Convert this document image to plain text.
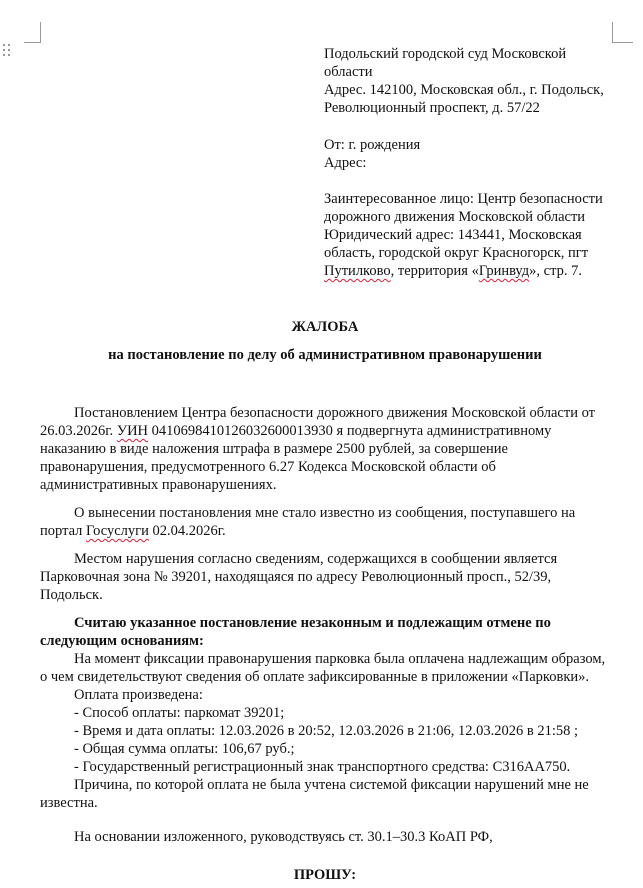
Подольский городской суд Московской
области
Адрес. 142100, Московская обл., г. Подольск,
Революционный проспект, д. 57/22
От: г. рождения
Адрес:
Заинтересованное лицо: Центр безопасности
дорожного движения Московской области
Юридический адрес: 143441, Московская
область, городской округ Красногорск, пгт
Путилково, территория «Гринвуд», стр. 7.
ЖАЛОБА
на постановление по делу об административном правонарушении
Постановлением Центра безопасности дорожного движения Московской области от
26.03.2026г. УИН 0410698410126032600013930 я подвергнута административному
наказанию в виде наложения штрафа в размере 2500 рублей, за совершение
правонарушения, предусмотренного 6.27 Кодекса Московской области об
административных правонарушениях.
О вынесении постановления мне стало известно из сообщения, поступавшего на
портал Госуслуги 02.04.2026г.
Местом нарушения согласно сведениям, содержащихся в сообщении является
Парковочная зона № 39201, находящаяся по адресу Революционный просп., 52/39,
Подольск.
Считаю указанное постановление незаконным и подлежащим отмене по
следующим основаниям:
На момент фиксации правонарушения парковка была оплачена надлежащим образом,
о чем свидетельствуют сведения об оплате зафиксированные в приложении «Парковки».
Оплата произведена:
- Способ оплаты: паркомат 39201;
- Время и дата оплаты: 12.03.2026 в 20:52, 12.03.2026 в 21:06, 12.03.2026 в 21:58 ;
- Общая сумма оплаты: 106,67 руб.;
- Государственный регистрационный знак транспортного средства: С316АА750.
Причина, по которой оплата не была учтена системой фиксации нарушений мне не
известна.
На основании изложенного, руководствуясь ст. 30.1–30.3 КоАП РФ,
ПРОШУ:
